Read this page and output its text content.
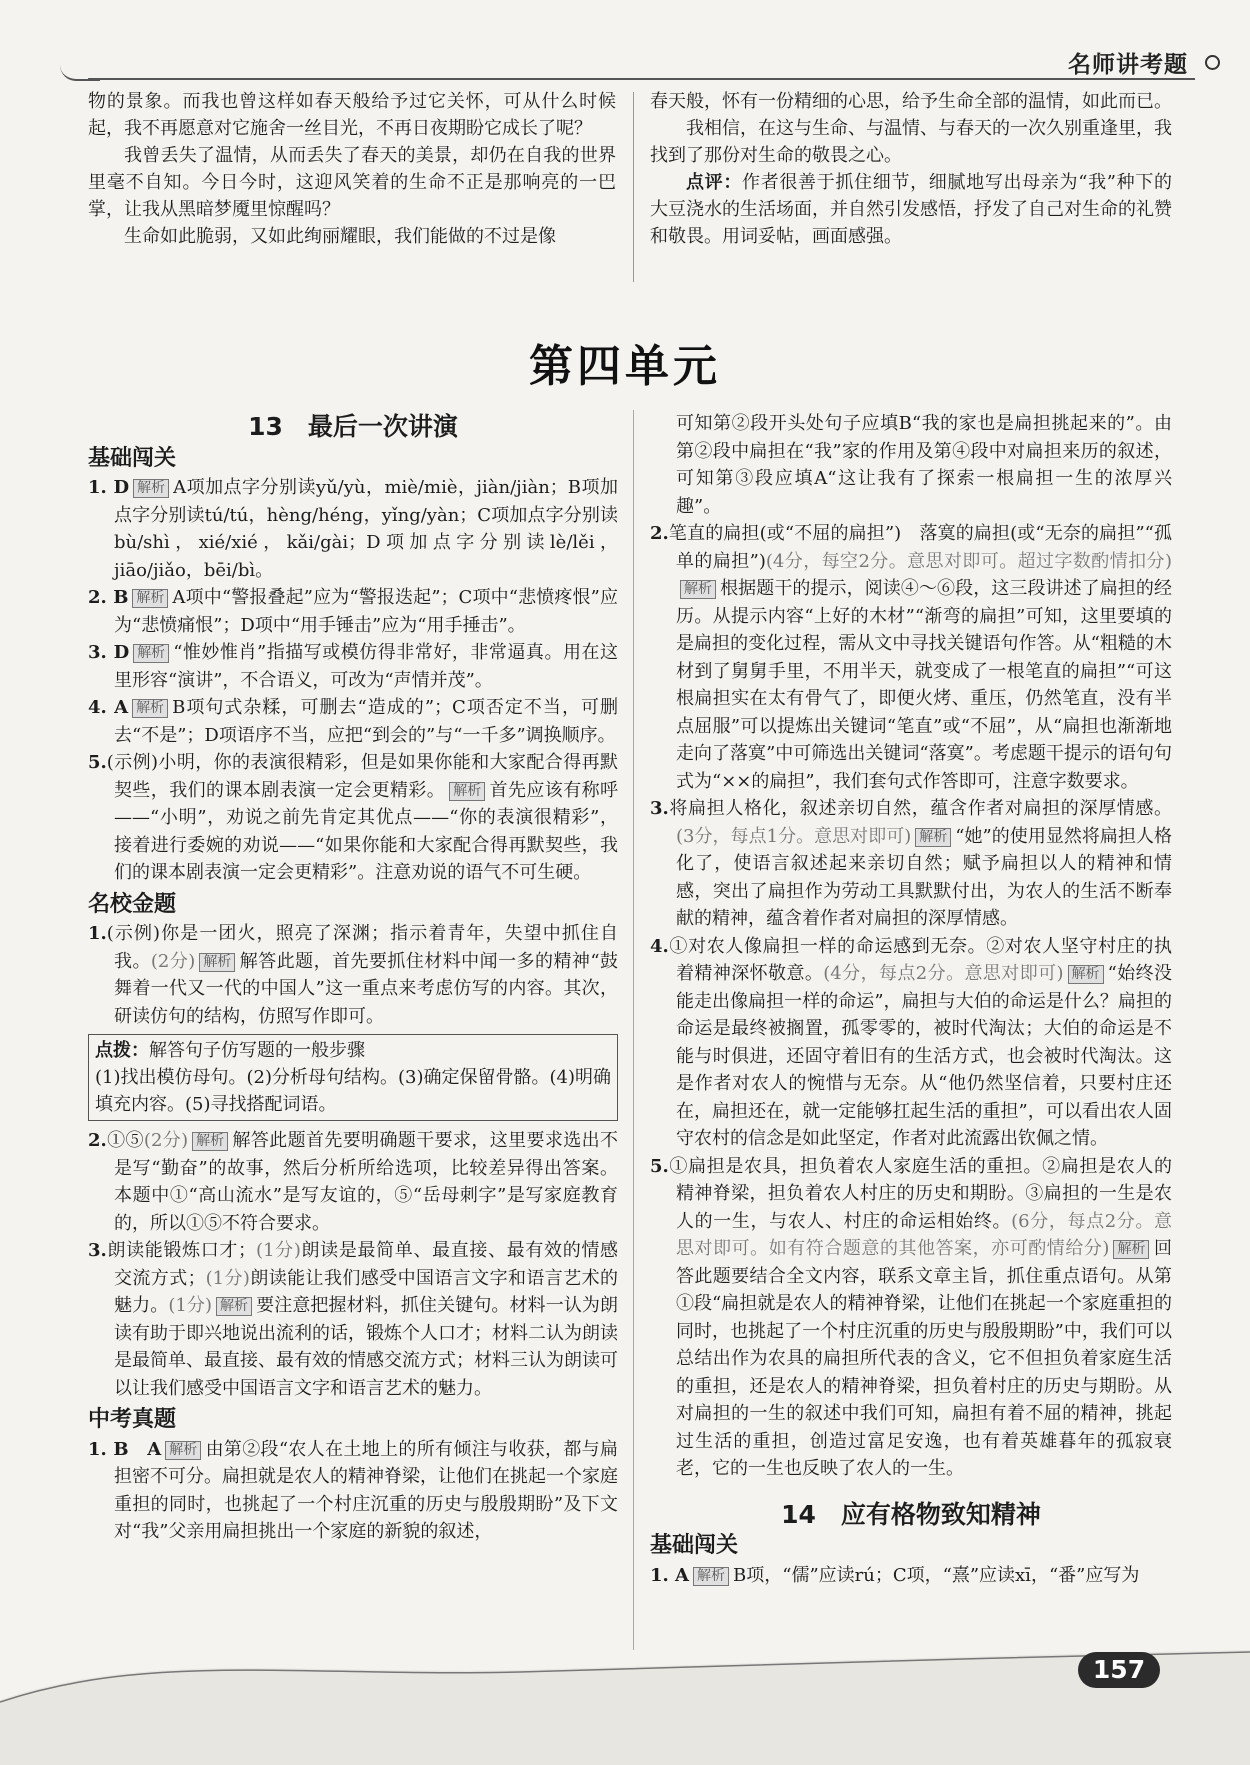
名师讲考题

物的景象。而我也曾这样如春天般给予过它关怀，可从什么时候起，我不再愿意对它施舍一丝目光，不再日夜期盼它成长了呢？

我曾丢失了温情，从而丢失了春天的美景，却仍在自我的世界里毫不自知。今日今时，这迎风笑着的生命不正是那响亮的一巴掌，让我从黑暗梦魇里惊醒吗？

生命如此脆弱，又如此绚丽耀眼，我们能做的不过是像

春天般，怀有一份精细的心思，给予生命全部的温情，如此而已。

我相信，在这与生命、与温情、与春天的一次久别重逢里，我找到了那份对生命的敬畏之心。

点评：作者很善于抓住细节，细腻地写出母亲为“我”种下的大豆浇水的生活场面，并自然引发感悟，抒发了自己对生命的礼赞和敬畏。用词妥帖，画面感强。

第四单元

13　最后一次讲演

基础闯关

1. D 解析 A项加点字分别读yǔ/yù，miè/miè，jiàn/jiàn；B项加点字分别读tú/tú，hèng/héng，yǐng/yàn；C项加点字分别读bù/shì，xié/xié，kǎi/gài；D项加点字分别读lè/lěi，jiāo/jiǎo，bēi/bì。

2. B 解析 A项中“警报叠起”应为“警报迭起”；C项中“悲愤疼恨”应为“悲愤痛恨”；D项中“用手锤击”应为“用手捶击”。

3. D 解析 “惟妙惟肖”指描写或模仿得非常好，非常逼真。用在这里形容“演讲”，不合语义，可改为“声情并茂”。

4. A 解析 B项句式杂糅，可删去“造成的”；C项否定不当，可删去“不是”；D项语序不当，应把“到会的”与“一千多”调换顺序。

5.(示例)小明，你的表演很精彩，但是如果你能和大家配合得再默契些，我们的课本剧表演一定会更精彩。 解析 首先应该有称呼——“小明”，劝说之前先肯定其优点——“你的表演很精彩”，接着进行委婉的劝说——“如果你能和大家配合得再默契些，我们的课本剧表演一定会更精彩”。注意劝说的语气不可生硬。

名校金题

1.(示例)你是一团火，照亮了深渊；指示着青年，失望中抓住自我。(2分) 解析 解答此题，首先要抓住材料中闻一多的精神“鼓舞着一代又一代的中国人”这一重点来考虑仿写的内容。其次，研读仿句的结构，仿照写作即可。

点拨：解答句子仿写题的一般步骤
(1)找出模仿母句。(2)分析母句结构。(3)确定保留骨骼。(4)明确填充内容。(5)寻找搭配词语。

2.①⑤(2分) 解析 解答此题首先要明确题干要求，这里要求选出不是写“勤奋”的故事，然后分析所给选项，比较差异得出答案。本题中①“高山流水”是写友谊的，⑤“岳母刺字”是写家庭教育的，所以①⑤不符合要求。

3.朗读能锻炼口才；(1分)朗读是最简单、最直接、最有效的情感交流方式；(1分)朗读能让我们感受中国语言文字和语言艺术的魅力。(1分) 解析 要注意把握材料，抓住关键句。材料一认为朗读有助于即兴地说出流利的话，锻炼个人口才；材料二认为朗读是最简单、最直接、最有效的情感交流方式；材料三认为朗读可以让我们感受中国语言文字和语言艺术的魅力。

中考真题

1. B　A 解析 由第②段“农人在土地上的所有倾注与收获，都与扁担密不可分。扁担就是农人的精神脊梁，让他们在挑起一个家庭重担的同时，也挑起了一个村庄沉重的历史与殷殷期盼”及下文对“我”父亲用扁担挑出一个家庭的新貌的叙述，

可知第②段开头处句子应填B“我的家也是扁担挑起来的”。由第②段中扁担在“我”家的作用及第④段中对扁担来历的叙述，可知第③段应填A“这让我有了探索一根扁担一生的浓厚兴趣”。

2.笔直的扁担(或“不屈的扁担”)　落寞的扁担(或“无奈的扁担”“孤单的扁担”)(4分，每空2分。意思对即可。超过字数酌情扣分)解析 根据题干的提示，阅读④～⑥段，这三段讲述了扁担的经历。从提示内容“上好的木材”“渐弯的扁担”可知，这里要填的是扁担的变化过程，需从文中寻找关键语句作答。从“粗糙的木材到了舅舅手里，不用半天，就变成了一根笔直的扁担”“可这根扁担实在太有骨气了，即便火烤、重压，仍然笔直，没有半点屈服”可以提炼出关键词“笔直”或“不屈”，从“扁担也渐渐地走向了落寞”中可筛选出关键词“落寞”。考虑题干提示的语句句式为“××的扁担”，我们套句式作答即可，注意字数要求。

3.将扁担人格化，叙述亲切自然，蕴含作者对扁担的深厚情感。(3分，每点1分。意思对即可) 解析 “她”的使用显然将扁担人格化了，使语言叙述起来亲切自然；赋予扁担以人的精神和情感，突出了扁担作为劳动工具默默付出，为农人的生活不断奉献的精神，蕴含着作者对扁担的深厚情感。

4.①对农人像扁担一样的命运感到无奈。②对农人坚守村庄的执着精神深怀敬意。(4分，每点2分。意思对即可) 解析 “始终没能走出像扁担一样的命运”，扁担与大伯的命运是什么？扁担的命运是最终被搁置，孤零零的，被时代淘汰；大伯的命运是不能与时俱进，还固守着旧有的生活方式，也会被时代淘汰。这是作者对农人的惋惜与无奈。从“他仍然坚信着，只要村庄还在，扁担还在，就一定能够扛起生活的重担”，可以看出农人固守农村的信念是如此坚定，作者对此流露出钦佩之情。

5.①扁担是农具，担负着农人家庭生活的重担。②扁担是农人的精神脊梁，担负着农人村庄的历史和期盼。③扁担的一生是农人的一生，与农人、村庄的命运相始终。(6分，每点2分。意思对即可。如有符合题意的其他答案，亦可酌情给分) 解析 回答此题要结合全文内容，联系文章主旨，抓住重点语句。从第①段“扁担就是农人的精神脊梁，让他们在挑起一个家庭重担的同时，也挑起了一个村庄沉重的历史与殷殷期盼”中，我们可以总结出作为农具的扁担所代表的含义，它不但担负着家庭生活的重担，还是农人的精神脊梁，担负着村庄的历史与期盼。从对扁担的一生的叙述中我们可知，扁担有着不屈的精神，挑起过生活的重担，创造过富足安逸，也有着英雄暮年的孤寂衰老，它的一生也反映了农人的一生。

14　应有格物致知精神

基础闯关

1. A 解析 B项，“儒”应读rú；C项，“熹”应读xī，“番”应写为

157
